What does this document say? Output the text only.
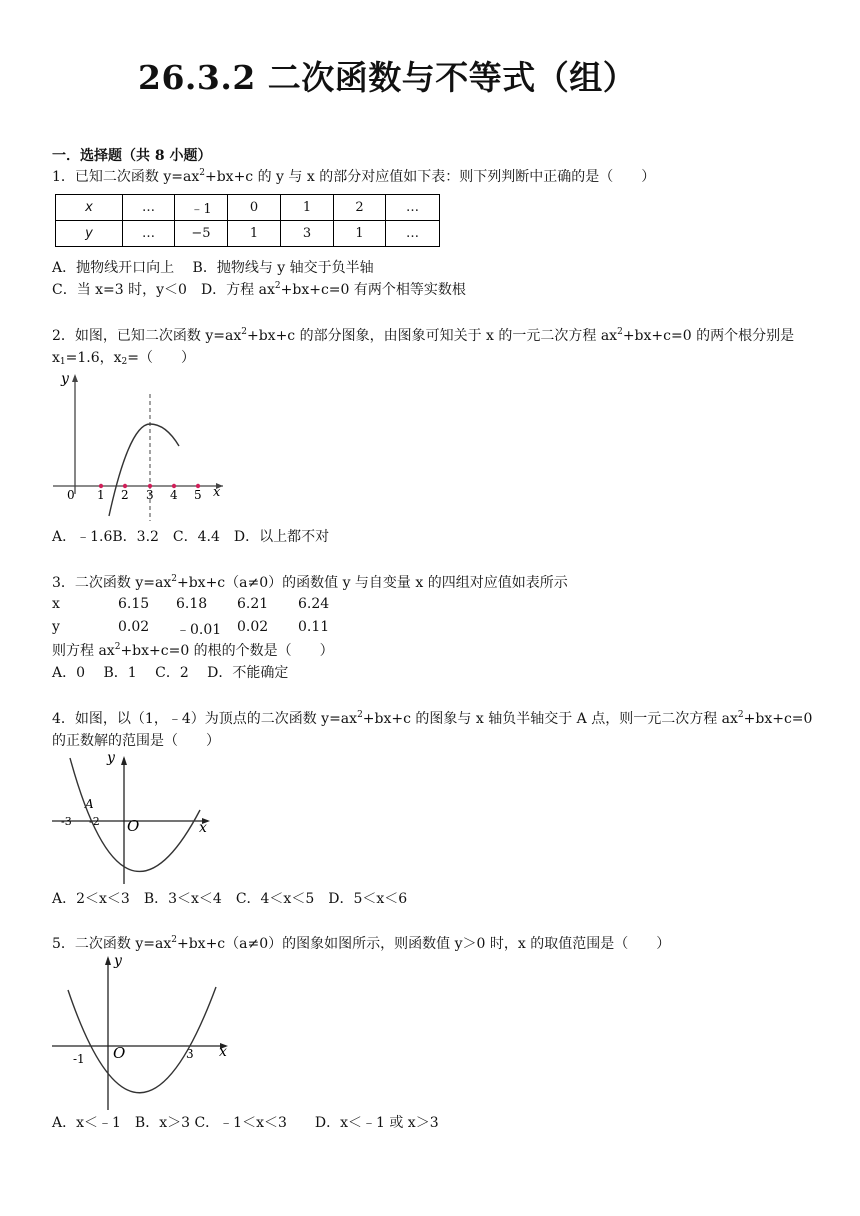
26.3.2 二次函数与不等式（组）
一．选择题（共 8 小题）
1．已知二次函数 $y=ax^2+bx+c$ 的 y 与 x 的部分对应值如下表：则下列判断中正确的是（　　）
x	…	﹣1	0	1	2	…
y	…	−5	1	3	1	…
A．抛物线开口向上　 B．抛物线与 y 轴交于负半轴
C．当 x=3 时，y＜0　D．方程 $ax^2+bx+c=0$ 有两个相等实数根
2．如图，已知二次函数 $y=ax^2+bx+c$ 的部分图象，由图象可知关于 x 的一元二次方程 $ax^2+bx+c=0$ 的两个根分别是
$x_1=1.6$，$x_2=$（　　）
y
x
0 1 2 3 4 5
A．﹣1.6B．3.2　C．4.4　D．以上都不对
3．二次函数 $y=ax^2+bx+c(a\ne 0)$的函数值 y 与自变量 x 的四组对应值如表所示
x	6.15 6.18 6.21 6.24
y	0.02 ﹣0.01 0.02 0.11
则方程 $ax^2+bx+c=0$ 的根的个数是（　　）
A．0　 B．1　 C．2　 D．不能确定
4．如图，以（1，﹣4）为顶点的二次函数 $y=ax^2+bx+c$ 的图象与 x 轴负半轴交于 A 点，则一元二次方程 $ax^2+bx+c=0$
的正数解的范围是（　　）
y
x
O
-3 -2
A
A．2＜x＜3　B．3＜x＜4　C．4＜x＜5　D．5＜x＜6
5．二次函数 $y=ax^2+bx+c(a\ne 0)$的图象如图所示，则函数值 y＞0 时，x 的取值范围是（　　）
y
x
O
-1	3
A．x＜﹣1　B．x＞3 C．﹣1＜x＜3　　D．x＜﹣1 或 x＞3
